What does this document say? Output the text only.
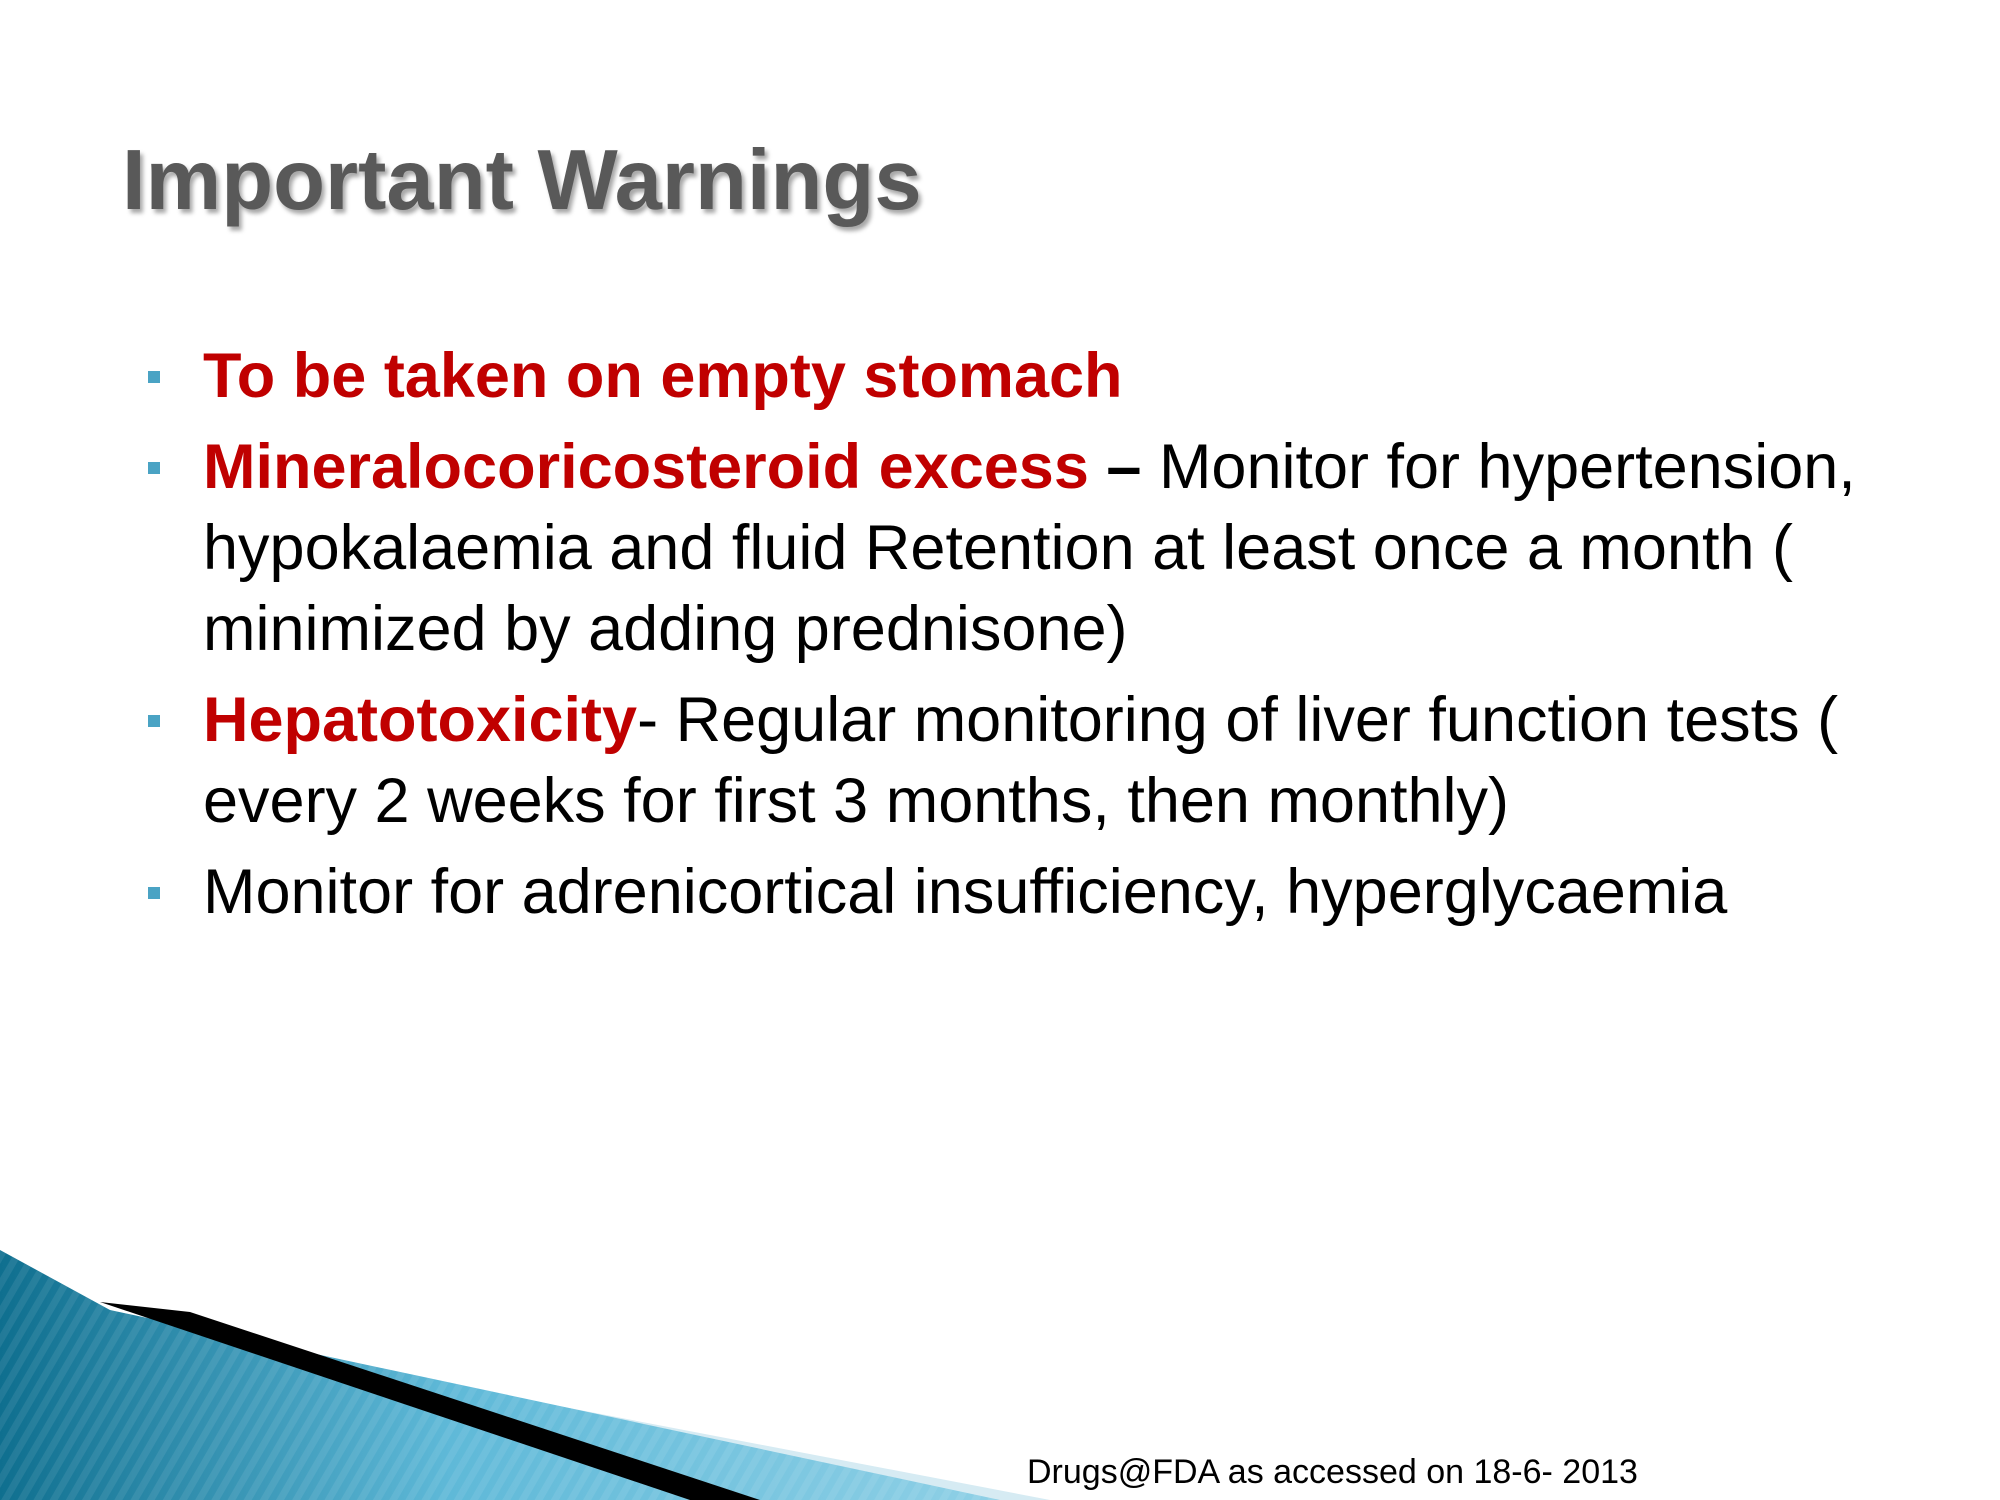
Important Warnings
To be taken on empty stomach
Mineralocoricosteroid excess – Monitor for hypertension, hypokalaemia and fluid Retention at least once a month ( minimized by adding prednisone)
Hepatotoxicity- Regular monitoring of liver function tests ( every 2 weeks for first 3 months, then monthly)
Monitor for adrenicortical insufficiency, hyperglycaemia
Drugs@FDA as accessed on 18-6- 2013
